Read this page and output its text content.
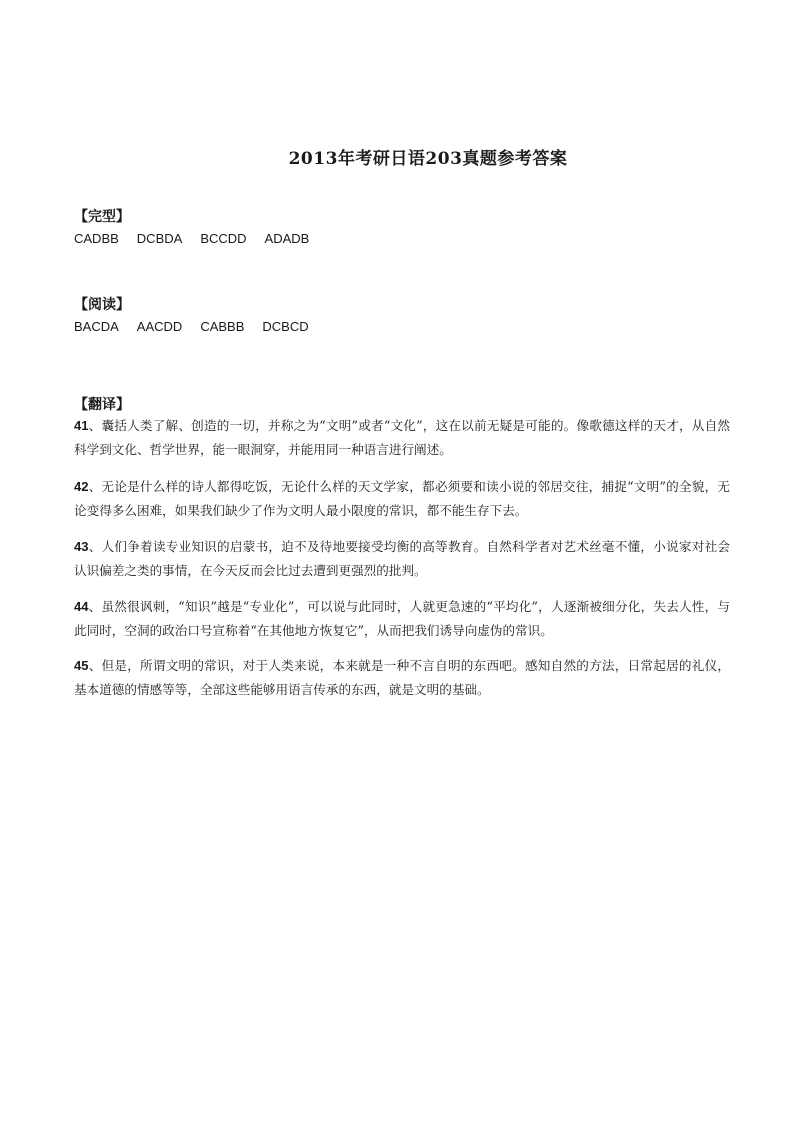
2013年考研日语203真题参考答案
【完型】
CADBB DCBDA BCCDD ADADB
【阅读】
BACDA AACDD CABBB DCBCD
【翻译】
41、囊括人类了解、创造的一切，并称之为“文明”或者“文化”，这在以前无疑是可能的。像歌德这样的天才，从自然科学到文化、哲学世界，能一眼洞穿，并能用同一种语言进行阐述。
42、无论是什么样的诗人都得吃饭，无论什么样的天文学家，都必须要和读小说的邻居交往，捕捉“文明”的全貌，无论变得多么困难，如果我们缺少了作为文明人最小限度的常识，都不能生存下去。
43、人们争着读专业知识的启蒙书，迫不及待地要接受均衡的高等教育。自然科学者对艺术丝毫不懂，小说家对社会认识偏差之类的事情，在今天反而会比过去遭到更强烈的批判。
44、虽然很讽刺，“知识”越是“专业化”，可以说与此同时，人就更急速的“平均化”，人逐渐被细分化，失去人性，与此同时，空洞的政治口号宣称着“在其他地方恢复它”，从而把我们诱导向虚伪的常识。
45、但是，所谓文明的常识，对于人类来说，本来就是一种不言自明的东西吧。感知自然的方法，日常起居的礼仪，基本道德的情感等等，全部这些能够用语言传承的东西，就是文明的基础。
